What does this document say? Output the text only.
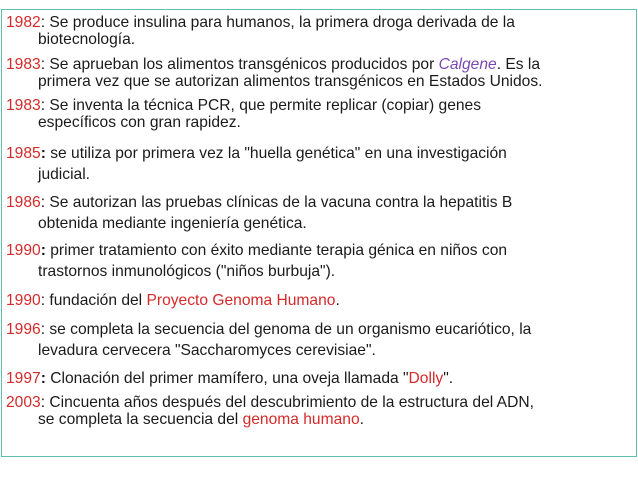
1982: Se produce insulina para humanos, la primera droga derivada de la
biotecnología.
1983: Se aprueban los alimentos transgénicos producidos por Calgene. Es la
primera vez que se autorizan alimentos transgénicos en Estados Unidos.
1983: Se inventa la técnica PCR, que permite replicar (copiar) genes
específicos con gran rapidez.
1985: se utiliza por primera vez la "huella genética" en una investigación
judicial.
1986: Se autorizan las pruebas clínicas de la vacuna contra la hepatitis B
obtenida mediante ingeniería genética.
1990: primer tratamiento con éxito mediante terapia génica en niños con
trastornos inmunológicos ("niños burbuja").
1990: fundación del Proyecto Genoma Humano.
1996: se completa la secuencia del genoma de un organismo eucariótico, la
levadura cervecera "Saccharomyces cerevisiae".
1997: Clonación del primer mamífero, una oveja llamada "Dolly".
2003: Cincuenta años después del descubrimiento de la estructura del ADN,
se completa la secuencia del genoma humano.
